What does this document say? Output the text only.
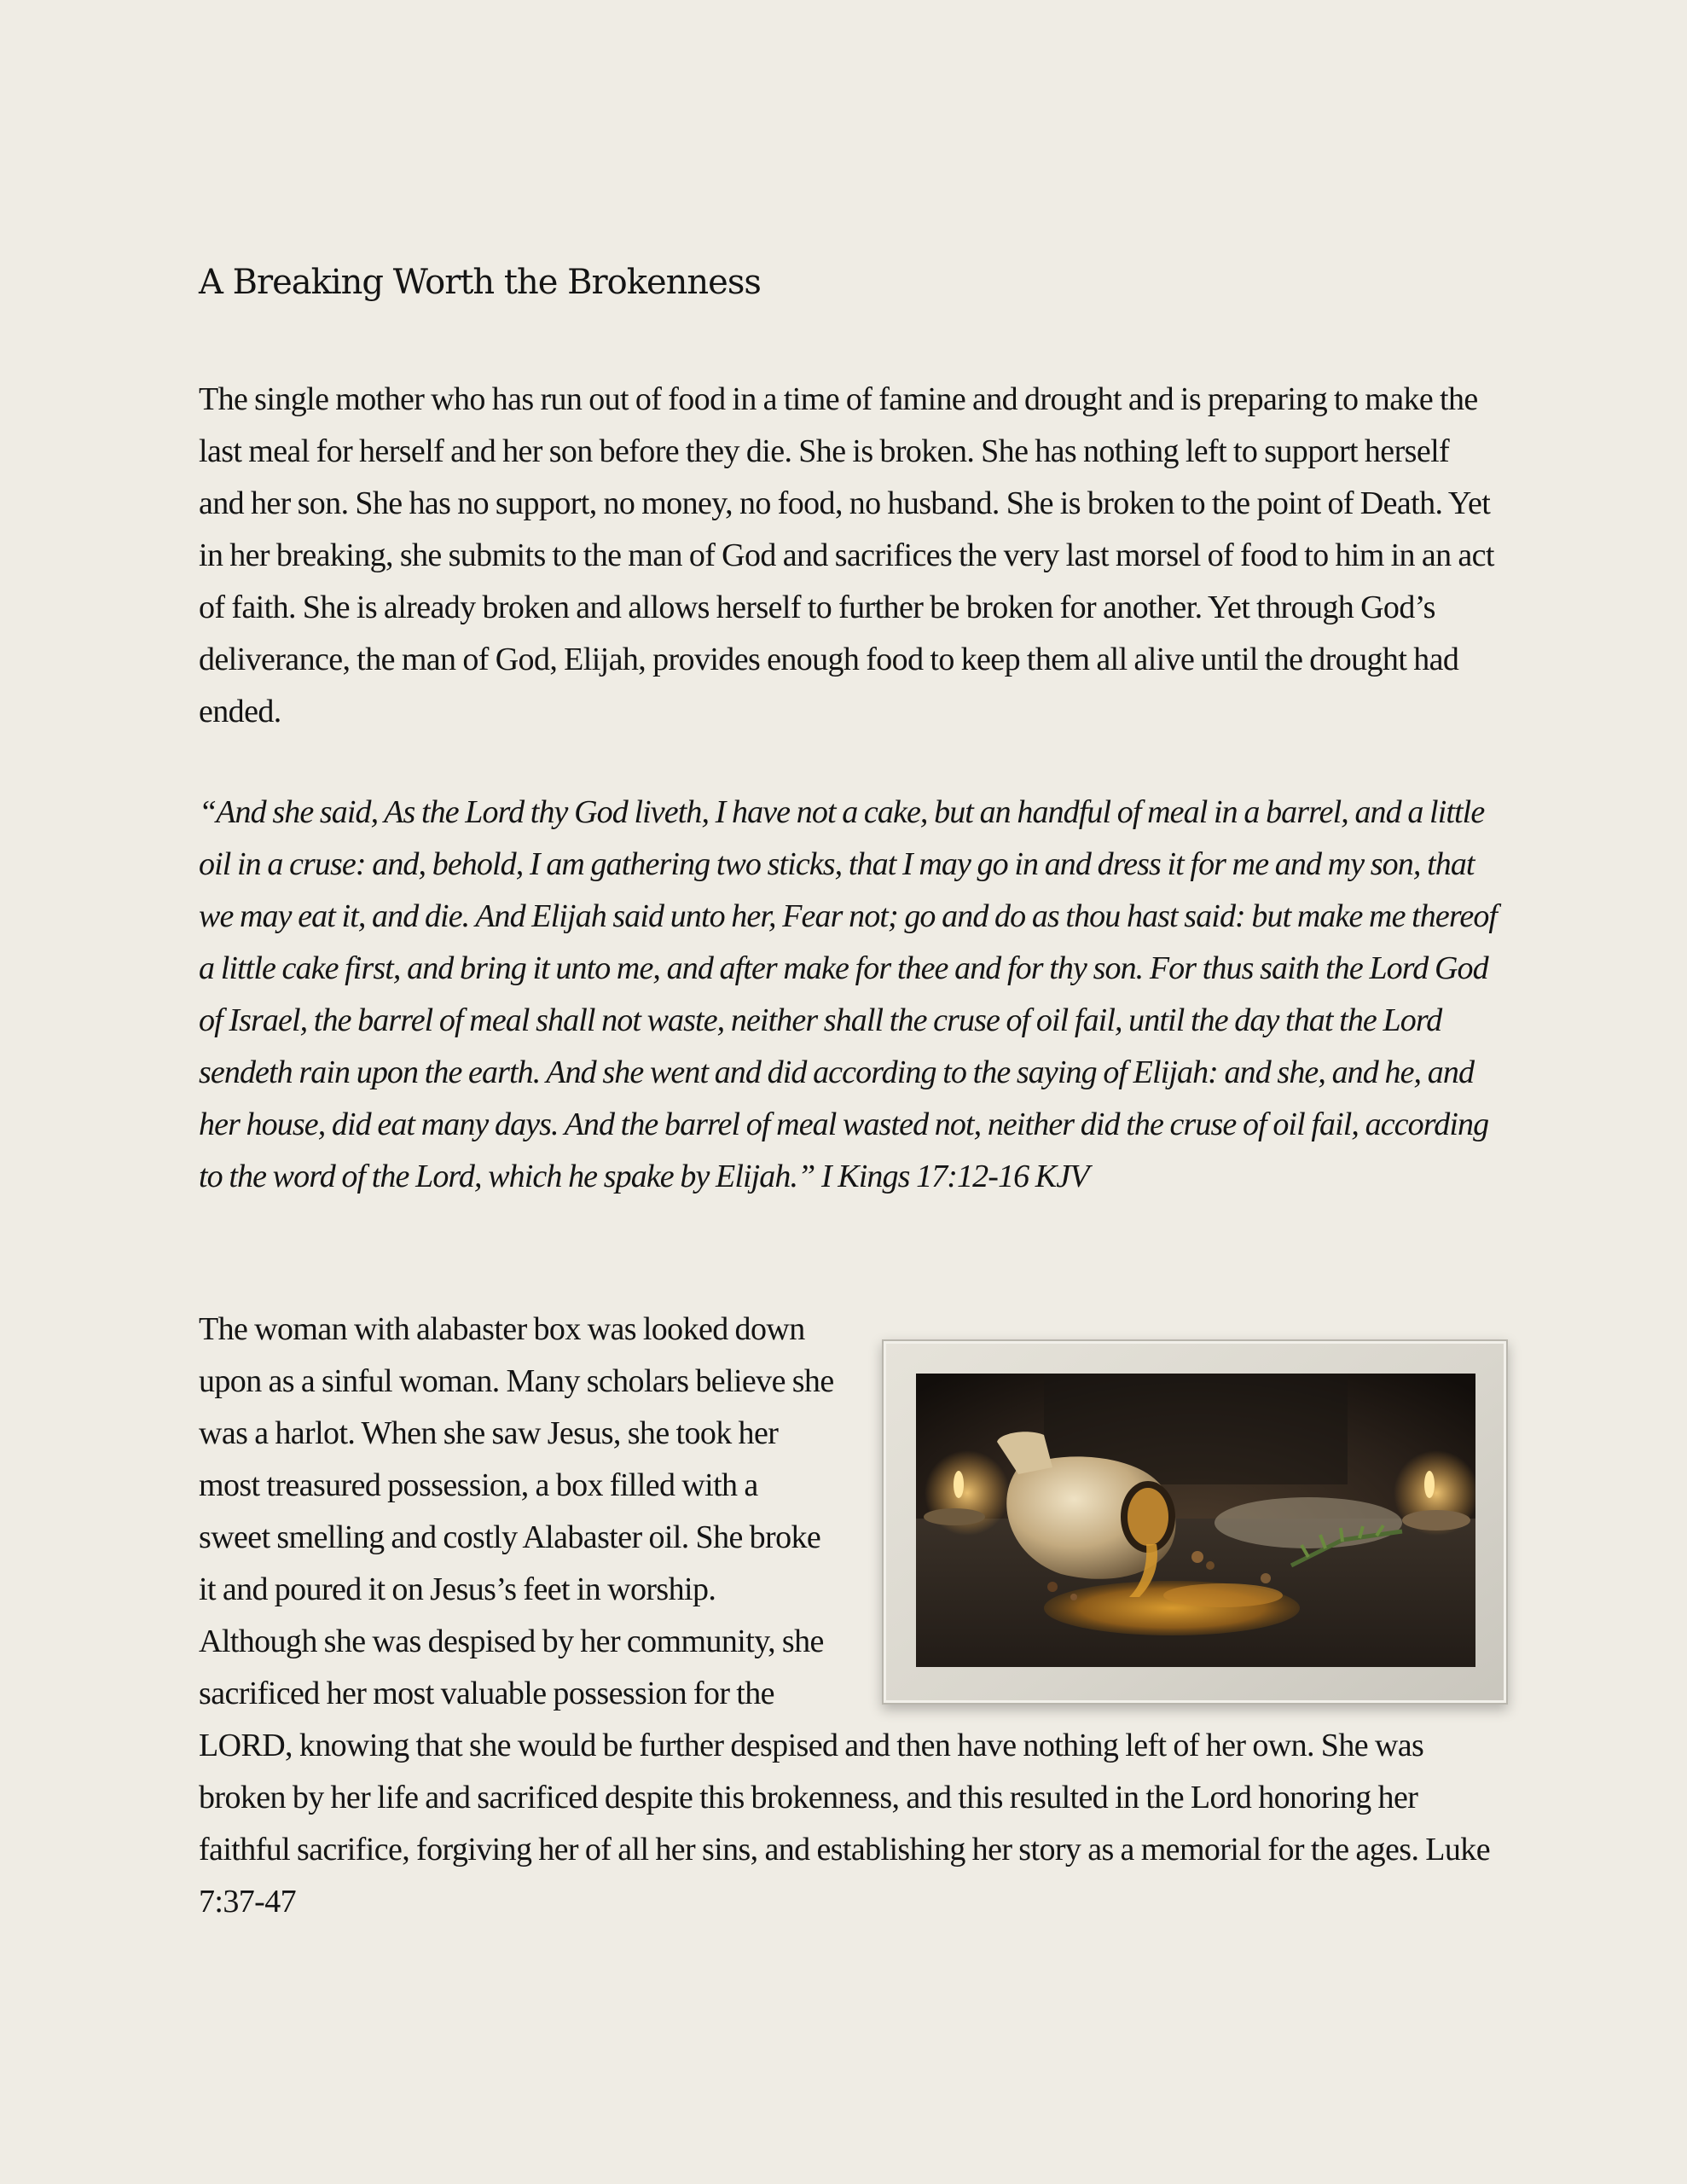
A Breaking Worth the Brokenness

The single mother who has run out of food in a time of famine and drought and is preparing to make the last meal for herself and her son before they die. She is broken. She has nothing left to support herself and her son. She has no support, no money, no food, no husband. She is broken to the point of Death. Yet in her breaking, she submits to the man of God and sacrifices the very last morsel of food to him in an act of faith. She is already broken and allows herself to further be broken for another. Yet through God’s deliverance, the man of God, Elijah, provides enough food to keep them all alive until the drought had ended.

“And she said, As the Lord thy God liveth, I have not a cake, but an handful of meal in a barrel, and a little oil in a cruse: and, behold, I am gathering two sticks, that I may go in and dress it for me and my son, that we may eat it, and die. And Elijah said unto her, Fear not; go and do as thou hast said: but make me thereof a little cake first, and bring it unto me, and after make for thee and for thy son. For thus saith the Lord God of Israel, the barrel of meal shall not waste, neither shall the cruse of oil fail, until the day that the Lord sendeth rain upon the earth. And she went and did according to the saying of Elijah: and she, and he, and her house, did eat many days. And the barrel of meal wasted not, neither did the cruse of oil fail, according to the word of the Lord, which he spake by Elijah.” I Kings 17:12-16 KJV

The woman with alabaster box was looked down upon as a sinful woman. Many scholars believe she was a harlot. When she saw Jesus, she took her most treasured possession, a box filled with a sweet smelling and costly Alabaster oil. She broke it and poured it on Jesus’s feet in worship. Although she was despised by her community, she sacrificed her most valuable possession for the LORD, knowing that she would be further despised and then have nothing left of her own. She was broken by her life and sacrificed despite this brokenness, and this resulted in the Lord honoring her faithful sacrifice, forgiving her of all her sins, and establishing her story as a memorial for the ages. Luke 7:37-47
